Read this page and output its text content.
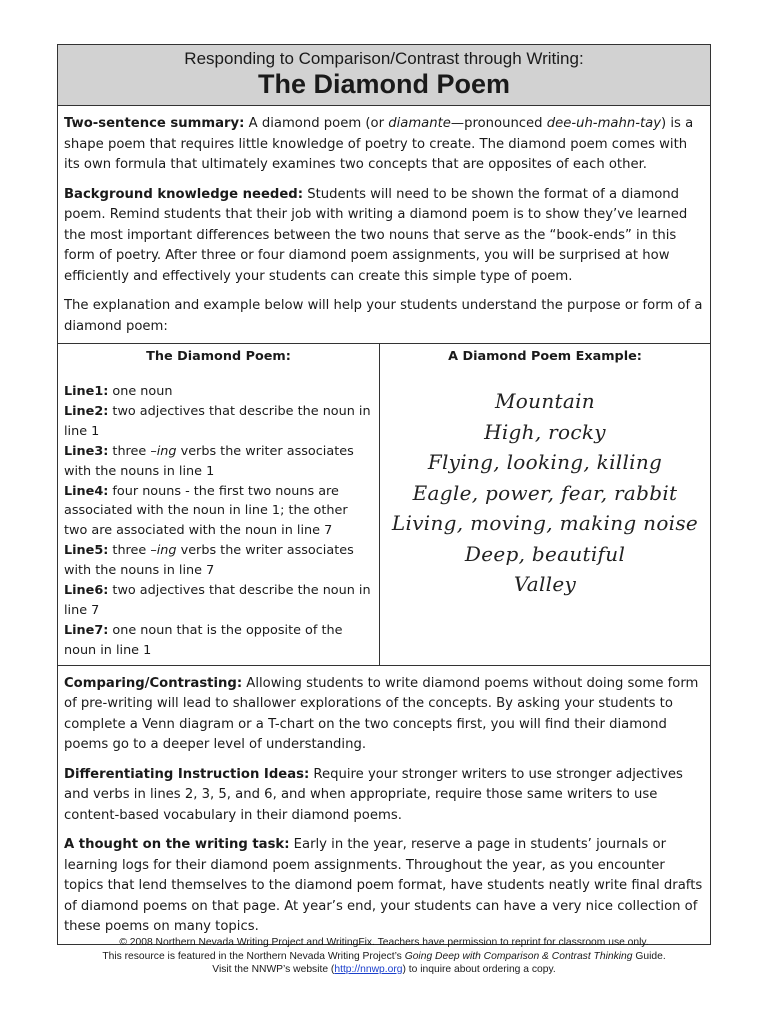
Responding to Comparison/Contrast through Writing:
The Diamond Poem

Two-sentence summary: A diamond poem (or diamante—pronounced dee-uh-mahn-tay) is a shape poem that requires little knowledge of poetry to create. The diamond poem comes with its own formula that ultimately examines two concepts that are opposites of each other.

Background knowledge needed: Students will need to be shown the format of a diamond poem. Remind students that their job with writing a diamond poem is to show they’ve learned the most important differences between the two nouns that serve as the “book-ends” in this form of poetry. After three or four diamond poem assignments, you will be surprised at how efficiently and effectively your students can create this simple type of poem.

The explanation and example below will help your students understand the purpose or form of a diamond poem:

The Diamond Poem:
Line1: one noun
Line2: two adjectives that describe the noun in line 1
Line3: three –ing verbs the writer associates with the nouns in line 1
Line4: four nouns - the first two nouns are associated with the noun in line 1; the other two are associated with the noun in line 7
Line5: three –ing verbs the writer associates with the nouns in line 7
Line6: two adjectives that describe the noun in line 7
Line7: one noun that is the opposite of the noun in line 1
A Diamond Poem Example:
Mountain
High, rocky
Flying, looking, killing
Eagle, power, fear, rabbit
Living, moving, making noise
Deep, beautiful
Valley

Comparing/Contrasting: Allowing students to write diamond poems without doing some form of pre-writing will lead to shallower explorations of the concepts. By asking your students to complete a Venn diagram or a T-chart on the two concepts first, you will find their diamond poems go to a deeper level of understanding.

Differentiating Instruction Ideas: Require your stronger writers to use stronger adjectives and verbs in lines 2, 3, 5, and 6, and when appropriate, require those same writers to use content-based vocabulary in their diamond poems.

A thought on the writing task: Early in the year, reserve a page in students’ journals or learning logs for their diamond poem assignments. Throughout the year, as you encounter topics that lend themselves to the diamond poem format, have students neatly write final drafts of diamond poems on that page. At year’s end, your students can have a very nice collection of these poems on many topics.

© 2008 Northern Nevada Writing Project and WritingFix. Teachers have permission to reprint for classroom use only.
This resource is featured in the Northern Nevada Writing Project’s Going Deep with Comparison & Contrast Thinking Guide.
Visit the NNWP’s website (http://nnwp.org) to inquire about ordering a copy.
